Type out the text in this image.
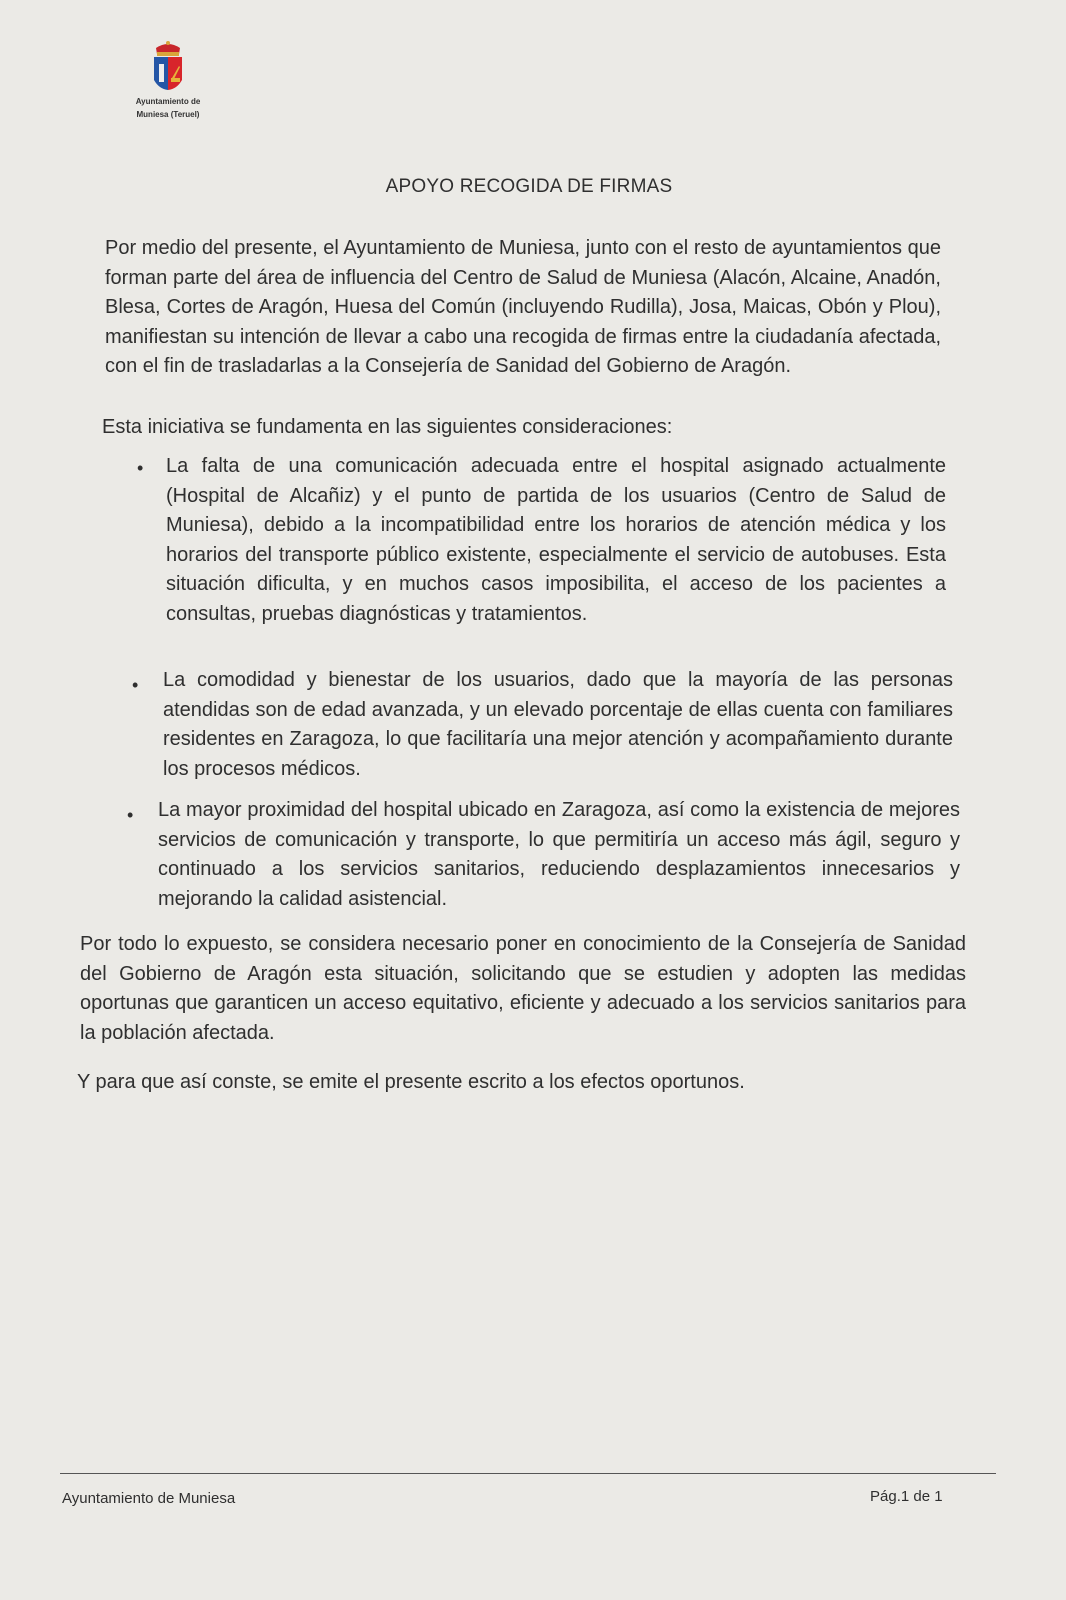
Ayuntamiento de
Muniesa (Teruel)
APOYO RECOGIDA DE FIRMAS

Por medio del presente, el Ayuntamiento de Muniesa, junto con el resto de ayuntamientos que forman parte del área de influencia del Centro de Salud de Muniesa (Alacón, Alcaine, Anadón, Blesa, Cortes de Aragón, Huesa del Común (incluyendo Rudilla), Josa, Maicas, Obón y Plou), manifiestan su intención de llevar a cabo una recogida de firmas entre la ciudadanía afectada, con el fin de trasladarlas a la Consejería de Sanidad del Gobierno de Aragón.

Esta iniciativa se fundamenta en las siguientes consideraciones:

• La falta de una comunicación adecuada entre el hospital asignado actualmente (Hospital de Alcañiz) y el punto de partida de los usuarios (Centro de Salud de Muniesa), debido a la incompatibilidad entre los horarios de atención médica y los horarios del transporte público existente, especialmente el servicio de autobuses. Esta situación dificulta, y en muchos casos imposibilita, el acceso de los pacientes a consultas, pruebas diagnósticas y tratamientos.

• La comodidad y bienestar de los usuarios, dado que la mayoría de las personas atendidas son de edad avanzada, y un elevado porcentaje de ellas cuenta con familiares residentes en Zaragoza, lo que facilitaría una mejor atención y acompañamiento durante los procesos médicos.

• La mayor proximidad del hospital ubicado en Zaragoza, así como la existencia de mejores servicios de comunicación y transporte, lo que permitiría un acceso más ágil, seguro y continuado a los servicios sanitarios, reduciendo desplazamientos innecesarios y mejorando la calidad asistencial.

Por todo lo expuesto, se considera necesario poner en conocimiento de la Consejería de Sanidad del Gobierno de Aragón esta situación, solicitando que se estudien y adopten las medidas oportunas que garanticen un acceso equitativo, eficiente y adecuado a los servicios sanitarios para la población afectada.

Y para que así conste, se emite el presente escrito a los efectos oportunos.

Ayuntamiento de Muniesa	Pág.1 de 1
